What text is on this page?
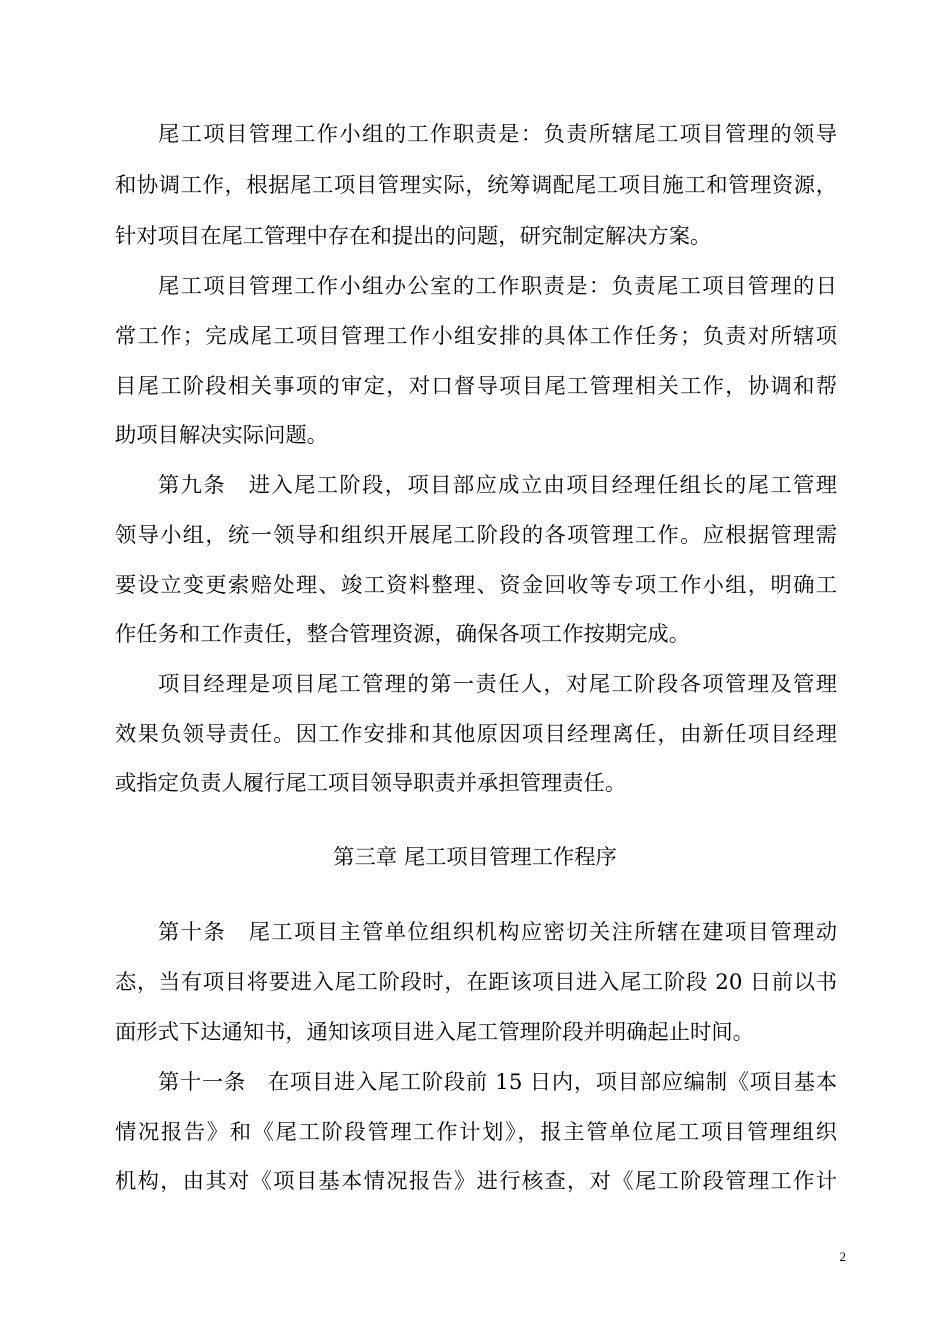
尾工项目管理工作小组的工作职责是：负责所辖尾工项目管理的领导
和协调工作，根据尾工项目管理实际，统筹调配尾工项目施工和管理资源，
针对项目在尾工管理中存在和提出的问题，研究制定解决方案。
尾工项目管理工作小组办公室的工作职责是：负责尾工项目管理的日
常工作；完成尾工项目管理工作小组安排的具体工作任务；负责对所辖项
目尾工阶段相关事项的审定，对口督导项目尾工管理相关工作，协调和帮
助项目解决实际问题。
第九条　进入尾工阶段，项目部应成立由项目经理任组长的尾工管理
领导小组，统一领导和组织开展尾工阶段的各项管理工作。应根据管理需
要设立变更索赔处理、竣工资料整理、资金回收等专项工作小组，明确工
作任务和工作责任，整合管理资源，确保各项工作按期完成。
项目经理是项目尾工管理的第一责任人，对尾工阶段各项管理及管理
效果负领导责任。因工作安排和其他原因项目经理离任，由新任项目经理
或指定负责人履行尾工项目领导职责并承担管理责任。
第三章 尾工项目管理工作程序
第十条　尾工项目主管单位组织机构应密切关注所辖在建项目管理动
态，当有项目将要进入尾工阶段时，在距该项目进入尾工阶段 20 日前以书
面形式下达通知书，通知该项目进入尾工管理阶段并明确起止时间。
第十一条　在项目进入尾工阶段前 15 日内，项目部应编制《项目基本
情况报告》和《尾工阶段管理工作计划》，报主管单位尾工项目管理组织
机构，由其对《项目基本情况报告》进行核查，对《尾工阶段管理工作计
2
